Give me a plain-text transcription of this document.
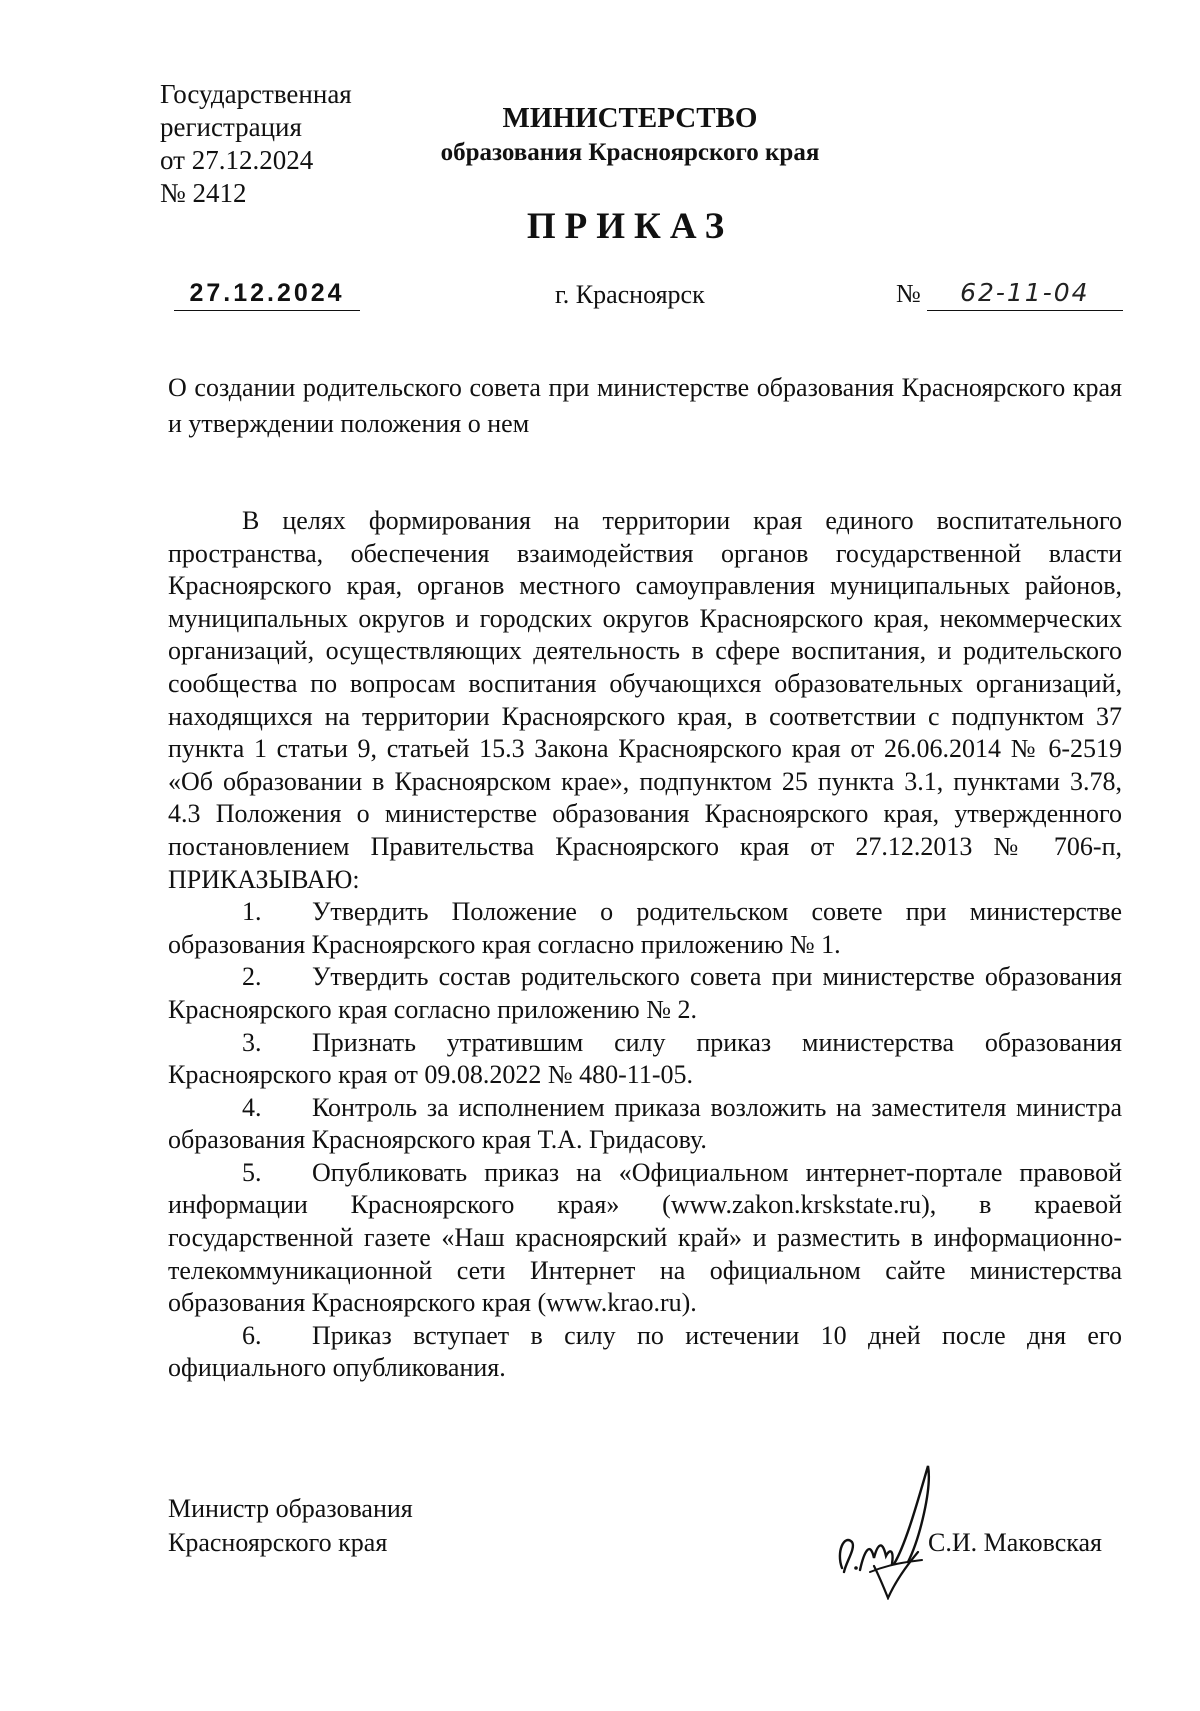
Государственная
регистрация
от 27.12.2024
№ 2412
МИНИСТЕРСТВО
образования Красноярского края
ПРИКАЗ
27.12.2024	г. Красноярск	№	62-11-04
О создании родительского совета при министерстве образования Красноярского края и утверждении положения о нем

В целях формирования на территории края единого воспитательного пространства, обеспечения взаимодействия органов государственной власти Красноярского края, органов местного самоуправления муниципальных районов, муниципальных округов и городских округов Красноярского края, некоммерческих организаций, осуществляющих деятельность в сфере воспитания, и родительского сообщества по вопросам воспитания обучающихся образовательных организаций, находящихся на территории Красноярского края, в соответствии с подпунктом 37 пункта 1 статьи 9, статьей 15.3 Закона Красноярского края от 26.06.2014 № 6-2519 «Об образовании в Красноярском крае», подпунктом 25 пункта 3.1, пунктами 3.78, 4.3 Положения о министерстве образования Красноярского края, утвержденного постановлением Правительства Красноярского края от 27.12.2013 № 706-п, ПРИКАЗЫВАЮ:

1. Утвердить Положение о родительском совете при министерстве образования Красноярского края согласно приложению № 1.

2. Утвердить состав родительского совета при министерстве образования Красноярского края согласно приложению № 2.

3. Признать утратившим силу приказ министерства образования Красноярского края от 09.08.2022 № 480-11-05.

4. Контроль за исполнением приказа возложить на заместителя министра образования Красноярского края Т.А. Гридасову.

5. Опубликовать приказ на «Официальном интернет-портале правовой информации Красноярского края» (www.zakon.krskstate.ru), в краевой государственной газете «Наш красноярский край» и разместить в информационно-телекоммуникационной сети Интернет на официальном сайте министерства образования Красноярского края (www.krao.ru).

6. Приказ вступает в силу по истечении 10 дней после дня его официального опубликования.

Министр образования
Красноярского края	С.И. Маковская
